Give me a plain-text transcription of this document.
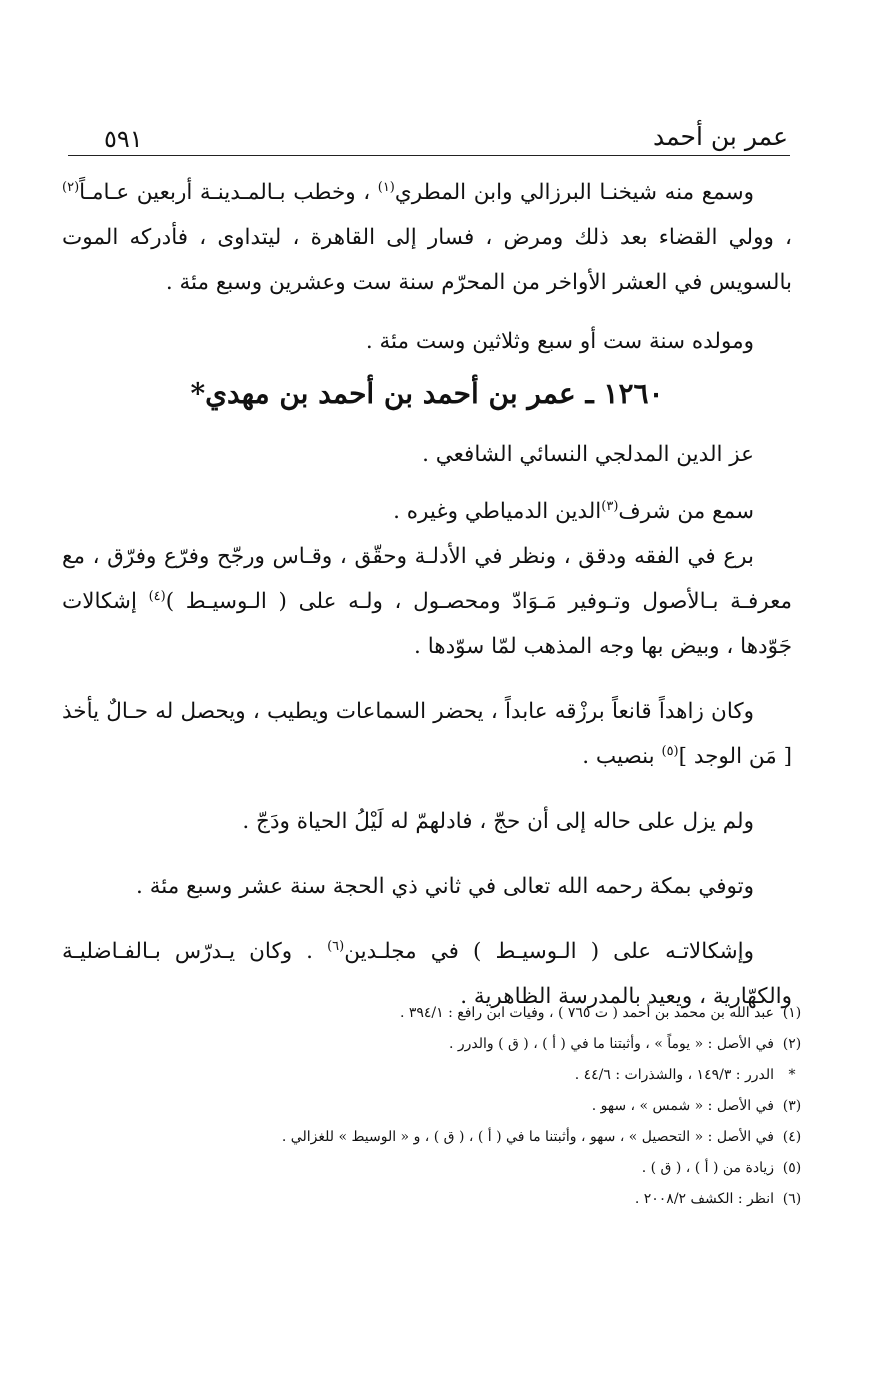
عمر بن أحمد
٥٩١

وسمع منه شيخنـا البرزالي وابن المطري$^{(١)}$ ، وخطب بـالمـدينـة أربعين عـامـاً$^{(٢)}$ ، وولي القضاء بعد ذلك ومرض ، فسار إلى القاهرة ، ليتداوى ، فأدركه الموت بالسويس في العشر الأواخر من المحرّم سنة ست وعشرين وسبع مئة .

ومولده سنة ست أو سبع وثلاثين وست مئة .

١٢٦٠ ـ عمر بن أحمد بن أحمد بن مهدي*

عز الدين المدلجي النسائي الشافعي .

سمع من شرف$^{(٣)}$الدين الدمياطي وغيره .

برع في الفقه ودقق ، ونظر في الأدلـة وحقّق ، وقـاس ورجّح وفرّع وفرّق ، مع معرفـة بـالأصول وتـوفير مَـوَادّ ومحصـول ، ولـه على ( الـوسيـط )$^{(٤)}$ إشكالات جَوّدها ، وبيض بها وجه المذهب لمّا سوّدها .

وكان زاهداً قانعاً برزْقه عابداً ، يحضر السماعات ويطيب ، ويحصل له حـالٌ يأخذ [ مَن الوجد ]$^{(٥)}$ بنصيب .

ولم يزل على حاله إلى أن حجّ ، فادلهمّ له لَيْلُ الحياة ودَجّ .

وتوفي بمكة رحمه الله تعالى في ثاني ذي الحجة سنة عشر وسبع مئة .

وإشكالاتـه على ( الـوسيـط ) في مجلـدين$^{(٦)}$ . وكان يـدرّس بـالفـاضليـة والكهّارية ، ويعيد بالمدرسة الظاهرية .

(١)
عبد الله بن محمد بن أحمد ( ت ٧٦٥ ) ، وفيات ابن رافع : ٣٩٤/١ .
(٢)
في الأصل : « يوماً » ، وأثبتنا ما في ( أ ) ، ( ق ) والدرر .
*
الدرر : ١٤٩/٣ ، والشذرات : ٤٤/٦ .
(٣)
في الأصل : « شمس » ، سهو .
(٤)
في الأصل : « التحصيل » ، سهو ، وأثبتنا ما في ( أ ) ، ( ق ) ، و « الوسيط » للغزالي .
(٥)
زيادة من ( أ ) ، ( ق ) .
(٦)
انظر : الكشف ٢٠٠٨/٢ .
